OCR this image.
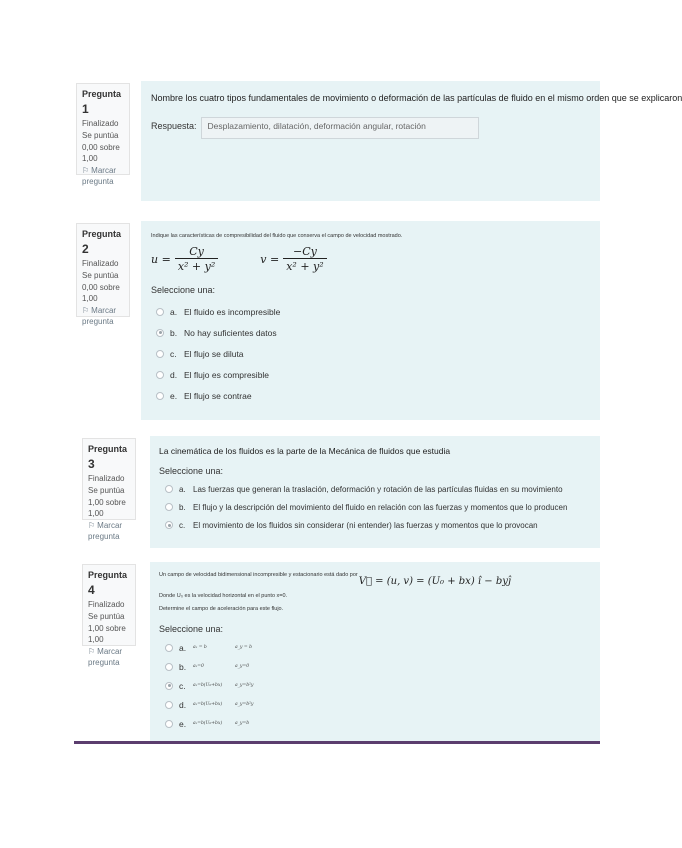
Pregunta 1
Finalizado
Se puntúa 0,00 sobre 1,00
⚐ Marcar pregunta
Nombre los cuatro tipos fundamentales de movimiento o deformación de las partículas de fluido en el mismo orden que se explicaron
Respuesta:	Desplazamiento, dilatación, deformación angular, rotación
Pregunta 2
Finalizado
Se puntúa 0,00 sobre 1,00
⚐ Marcar pregunta
Indique las características de compresibilidad del fluido que conserva el campo de velocidad mostrado.
$u = \frac{Cy}{\text{x² + y²}}$	$v = \frac{-Cy}{\text{x² + y²}}$
Seleccione una:
a. El fluido es incompresible
b. No hay suficientes datos
c. El flujo se diluta
d. El flujo es compresible
e. El flujo se contrae
Pregunta 3
Finalizado
Se puntúa 1,00 sobre 1,00
⚐ Marcar pregunta
La cinemática de los fluidos es la parte de la Mecánica de fluidos que estudia
Seleccione una:
a. Las fuerzas que generan la traslación, deformación y rotación de las partículas fluidas en su movimiento
b. El flujo y la descripción del movimiento del fluido en relación con las fuerzas y momentos que lo producen
c. El movimiento de los fluidos sin considerar (ni entender) las fuerzas y momentos que lo provocan
Pregunta 4
Finalizado
Se puntúa 1,00 sobre 1,00
⚐ Marcar pregunta
Un campo de velocidad bidimensional incompresible y estacionario está dado por
V⃗ = (u, v) = (U₀ + bx) î − byĵ
Donde U₀ es la velocidad horizontal en el punto x=0.
Determine el campo de aceleración para este flujo.
Seleccione una:
a.	aₓ = b	a_y = b
b.	aₓ=0	a_y=0
c.	aₓ=b(U₀+bx)	a_y=b²y
d.	aₓ=b(U₀+bx)	a_y=b²y
e.	aₓ=b(U₀+bx)	a_y=b
